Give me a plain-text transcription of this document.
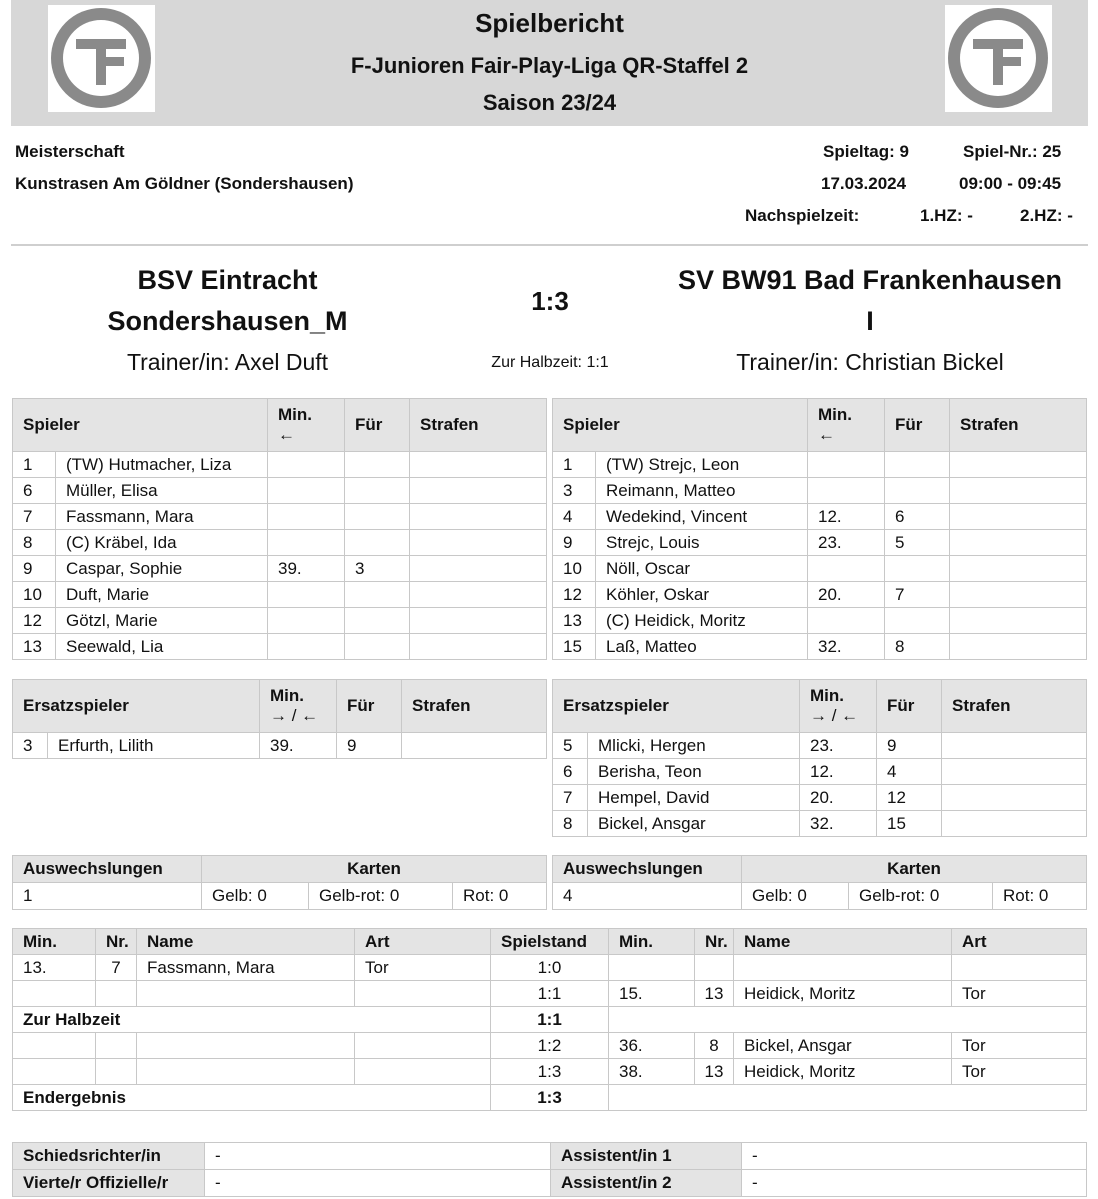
Spielbericht
F-Junioren Fair-Play-Liga QR-Staffel 2
Saison 23/24
Meisterschaft
Kunstrasen Am Göldner (Sondershausen)
Spieltag: 9	Spiel-Nr.: 25
17.03.2024	09:00 - 09:45
Nachspielzeit:	1.HZ: -	2.HZ: -
BSV Eintracht
Sondershausen_M
1:3
SV BW91 Bad Frankenhausen
I
Trainer/in: Axel Duft	Zur Halbzeit: 1:1	Trainer/in: Christian Bickel
Spieler		Min.
←	Für	Strafen
1	(TW) Hutmacher, Liza			
6	Müller, Elisa			
7	Fassmann, Mara			
8	(C) Kräbel, Ida			
9	Caspar, Sophie	39.	3	
10	Duft, Marie			
12	Götzl, Marie			
13	Seewald, Lia			
Spieler		Min.
←	Für	Strafen
1	(TW) Strejc, Leon			
3	Reimann, Matteo			
4	Wedekind, Vincent	12.	6	
9	Strejc, Louis	23.	5	
10	Nöll, Oscar			
12	Köhler, Oskar	20.	7	
13	(C) Heidick, Moritz			
15	Laß, Matteo	32.	8	
Ersatzspieler		Min.
→ / ←	Für	Strafen
3	Erfurth, Lilith	39.	9	
Ersatzspieler		Min.
→ / ←	Für	Strafen
5	Mlicki, Hergen	23.	9	
6	Berisha, Teon	12.	4	
7	Hempel, David	20.	12	
8	Bickel, Ansgar	32.	15	
Auswechslungen	Karten		
1	Gelb: 0	Gelb-rot: 0	Rot: 0
Auswechslungen	Karten		
4	Gelb: 0	Gelb-rot: 0	Rot: 0
Min.	Nr.	Name	Art	Spielstand	Min.	Nr.	Name	Art
13.	7	Fassmann, Mara	Tor	1:0				
				1:1	15.	13	Heidick, Moritz	Tor
Zur Halbzeit				1:1				
				1:2	36.	8	Bickel, Ansgar	Tor
				1:3	38.	13	Heidick, Moritz	Tor
Endergebnis				1:3				
Schiedsrichter/in	-	Assistent/in 1	-
Vierte/r Offizielle/r	-	Assistent/in 2	-
